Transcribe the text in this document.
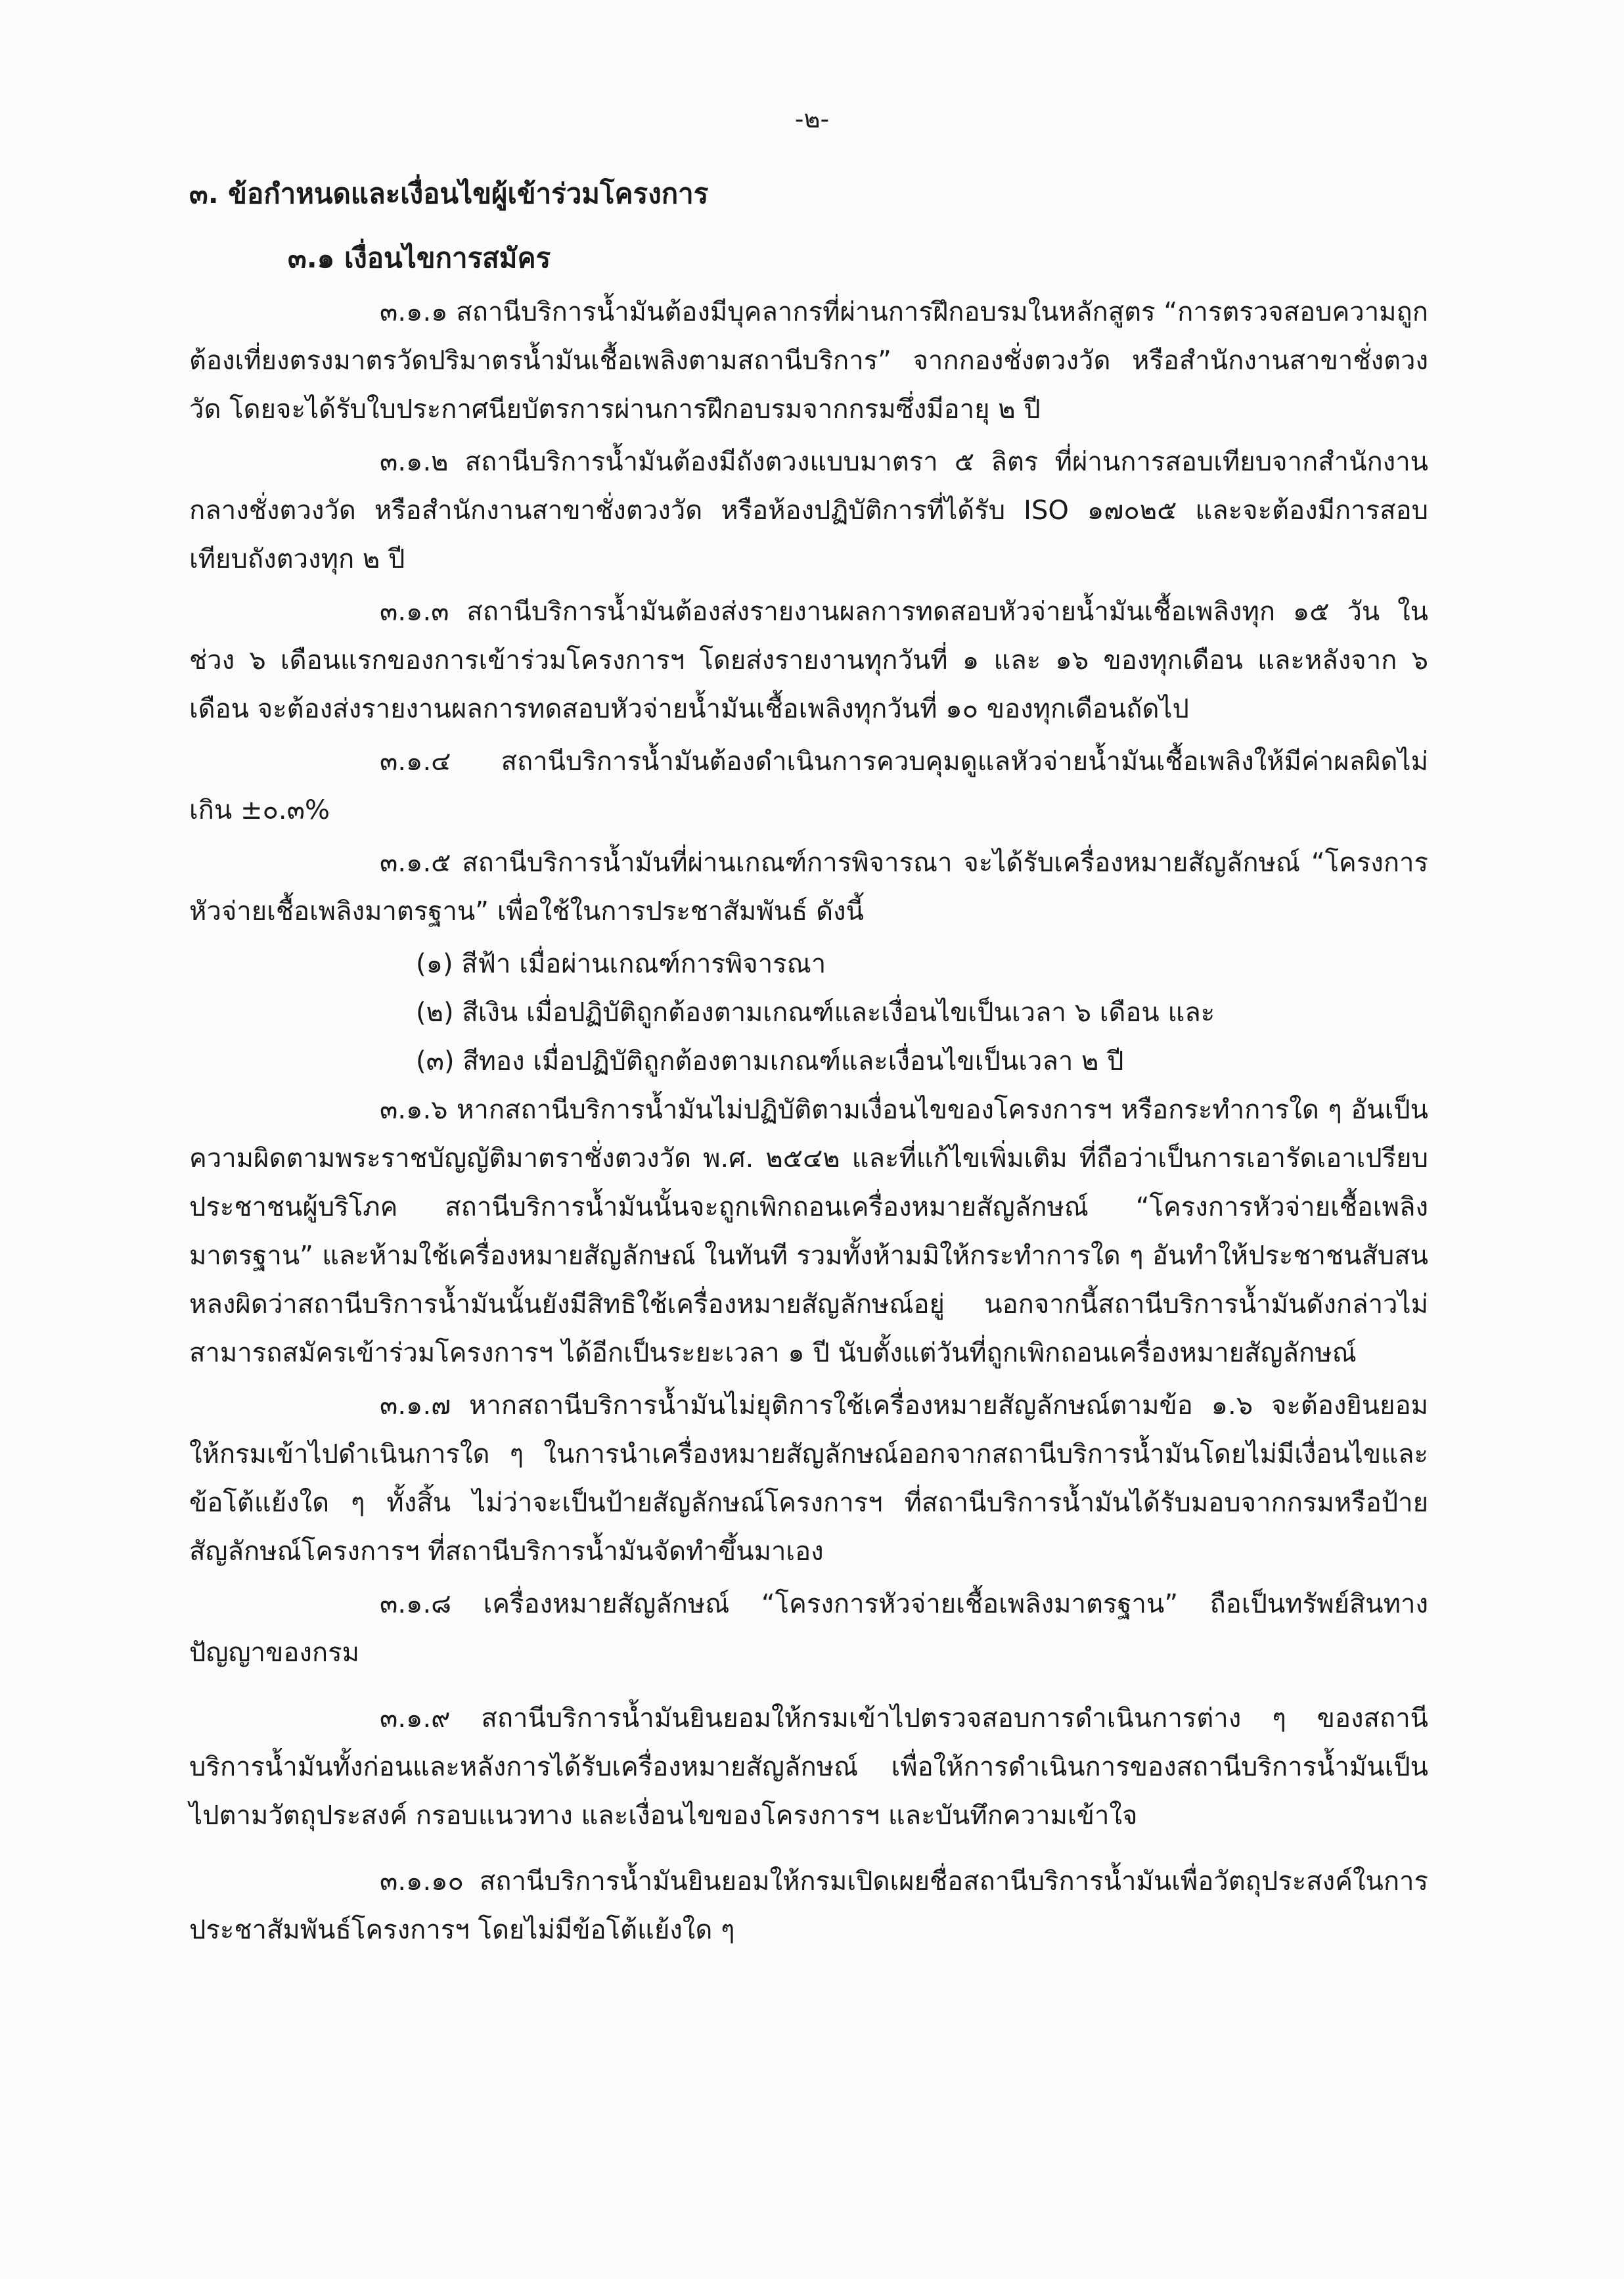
-๒-
๓. ข้อกำหนดและเงื่อนไขผู้เข้าร่วมโครงการ
๓.๑ เงื่อนไขการสมัคร

๓.๑.๑ สถานีบริการน้ำมันต้องมีบุคลากรที่ผ่านการฝึกอบรมในหลักสูตร “การตรวจสอบความถูกต้องเที่ยงตรงมาตรวัดปริมาตรน้ำมันเชื้อเพลิงตามสถานีบริการ” จากกองชั่งตวงวัด หรือสำนักงานสาขาชั่งตวงวัด โดยจะได้รับใบประกาศนียบัตรการผ่านการฝึกอบรมจากกรมซึ่งมีอายุ ๒ ปี

๓.๑.๒ สถานีบริการน้ำมันต้องมีถังตวงแบบมาตรา ๕ ลิตร ที่ผ่านการสอบเทียบจากสำนักงานกลางชั่งตวงวัด หรือสำนักงานสาขาชั่งตวงวัด หรือห้องปฏิบัติการที่ได้รับ ISO ๑๗๐๒๕ และจะต้องมีการสอบเทียบถังตวงทุก ๒ ปี

๓.๑.๓ สถานีบริการน้ำมันต้องส่งรายงานผลการทดสอบหัวจ่ายน้ำมันเชื้อเพลิงทุก ๑๕ วัน ในช่วง ๖ เดือนแรกของการเข้าร่วมโครงการฯ โดยส่งรายงานทุกวันที่ ๑ และ ๑๖ ของทุกเดือน และหลังจาก ๖ เดือน จะต้องส่งรายงานผลการทดสอบหัวจ่ายน้ำมันเชื้อเพลิงทุกวันที่ ๑๐ ของทุกเดือนถัดไป

๓.๑.๔ สถานีบริการน้ำมันต้องดำเนินการควบคุมดูแลหัวจ่ายน้ำมันเชื้อเพลิงให้มีค่าผลผิดไม่เกิน ±๐.๓%

๓.๑.๕ สถานีบริการน้ำมันที่ผ่านเกณฑ์การพิจารณา จะได้รับเครื่องหมายสัญลักษณ์ “โครงการหัวจ่ายเชื้อเพลิงมาตรฐาน” เพื่อใช้ในการประชาสัมพันธ์ ดังนี้

(๑) สีฟ้า เมื่อผ่านเกณฑ์การพิจารณา

(๒) สีเงิน เมื่อปฏิบัติถูกต้องตามเกณฑ์และเงื่อนไขเป็นเวลา ๖ เดือน และ

(๓) สีทอง เมื่อปฏิบัติถูกต้องตามเกณฑ์และเงื่อนไขเป็นเวลา ๒ ปี

๓.๑.๖ หากสถานีบริการน้ำมันไม่ปฏิบัติตามเงื่อนไขของโครงการฯ หรือกระทำการใด ๆ อันเป็นความผิดตามพระราชบัญญัติมาตราชั่งตวงวัด พ.ศ. ๒๕๔๒ และที่แก้ไขเพิ่มเติม ที่ถือว่าเป็นการเอารัดเอาเปรียบประชาชนผู้บริโภค สถานีบริการน้ำมันนั้นจะถูกเพิกถอนเครื่องหมายสัญลักษณ์ “โครงการหัวจ่ายเชื้อเพลิงมาตรฐาน” และห้ามใช้เครื่องหมายสัญลักษณ์ ในทันที รวมทั้งห้ามมิให้กระทำการใด ๆ อันทำให้ประชาชนสับสนหลงผิดว่าสถานีบริการน้ำมันนั้นยังมีสิทธิใช้เครื่องหมายสัญลักษณ์อยู่ นอกจากนี้สถานีบริการน้ำมันดังกล่าวไม่สามารถสมัครเข้าร่วมโครงการฯ ได้อีกเป็นระยะเวลา ๑ ปี นับตั้งแต่วันที่ถูกเพิกถอนเครื่องหมายสัญลักษณ์

๓.๑.๗ หากสถานีบริการน้ำมันไม่ยุติการใช้เครื่องหมายสัญลักษณ์ตามข้อ ๑.๖ จะต้องยินยอมให้กรมเข้าไปดำเนินการใด ๆ ในการนำเครื่องหมายสัญลักษณ์ออกจากสถานีบริการน้ำมันโดยไม่มีเงื่อนไขและข้อโต้แย้งใด ๆ ทั้งสิ้น ไม่ว่าจะเป็นป้ายสัญลักษณ์โครงการฯ ที่สถานีบริการน้ำมันได้รับมอบจากกรมหรือป้ายสัญลักษณ์โครงการฯ ที่สถานีบริการน้ำมันจัดทำขึ้นมาเอง

๓.๑.๘ เครื่องหมายสัญลักษณ์ “โครงการหัวจ่ายเชื้อเพลิงมาตรฐาน” ถือเป็นทรัพย์สินทางปัญญาของกรม

๓.๑.๙ สถานีบริการน้ำมันยินยอมให้กรมเข้าไปตรวจสอบการดำเนินการต่าง ๆ ของสถานีบริการน้ำมันทั้งก่อนและหลังการได้รับเครื่องหมายสัญลักษณ์ เพื่อให้การดำเนินการของสถานีบริการน้ำมันเป็นไปตามวัตถุประสงค์ กรอบแนวทาง และเงื่อนไขของโครงการฯ และบันทึกความเข้าใจ

๓.๑.๑๐ สถานีบริการน้ำมันยินยอมให้กรมเปิดเผยชื่อสถานีบริการน้ำมันเพื่อวัตถุประสงค์ในการประชาสัมพันธ์โครงการฯ โดยไม่มีข้อโต้แย้งใด ๆ
